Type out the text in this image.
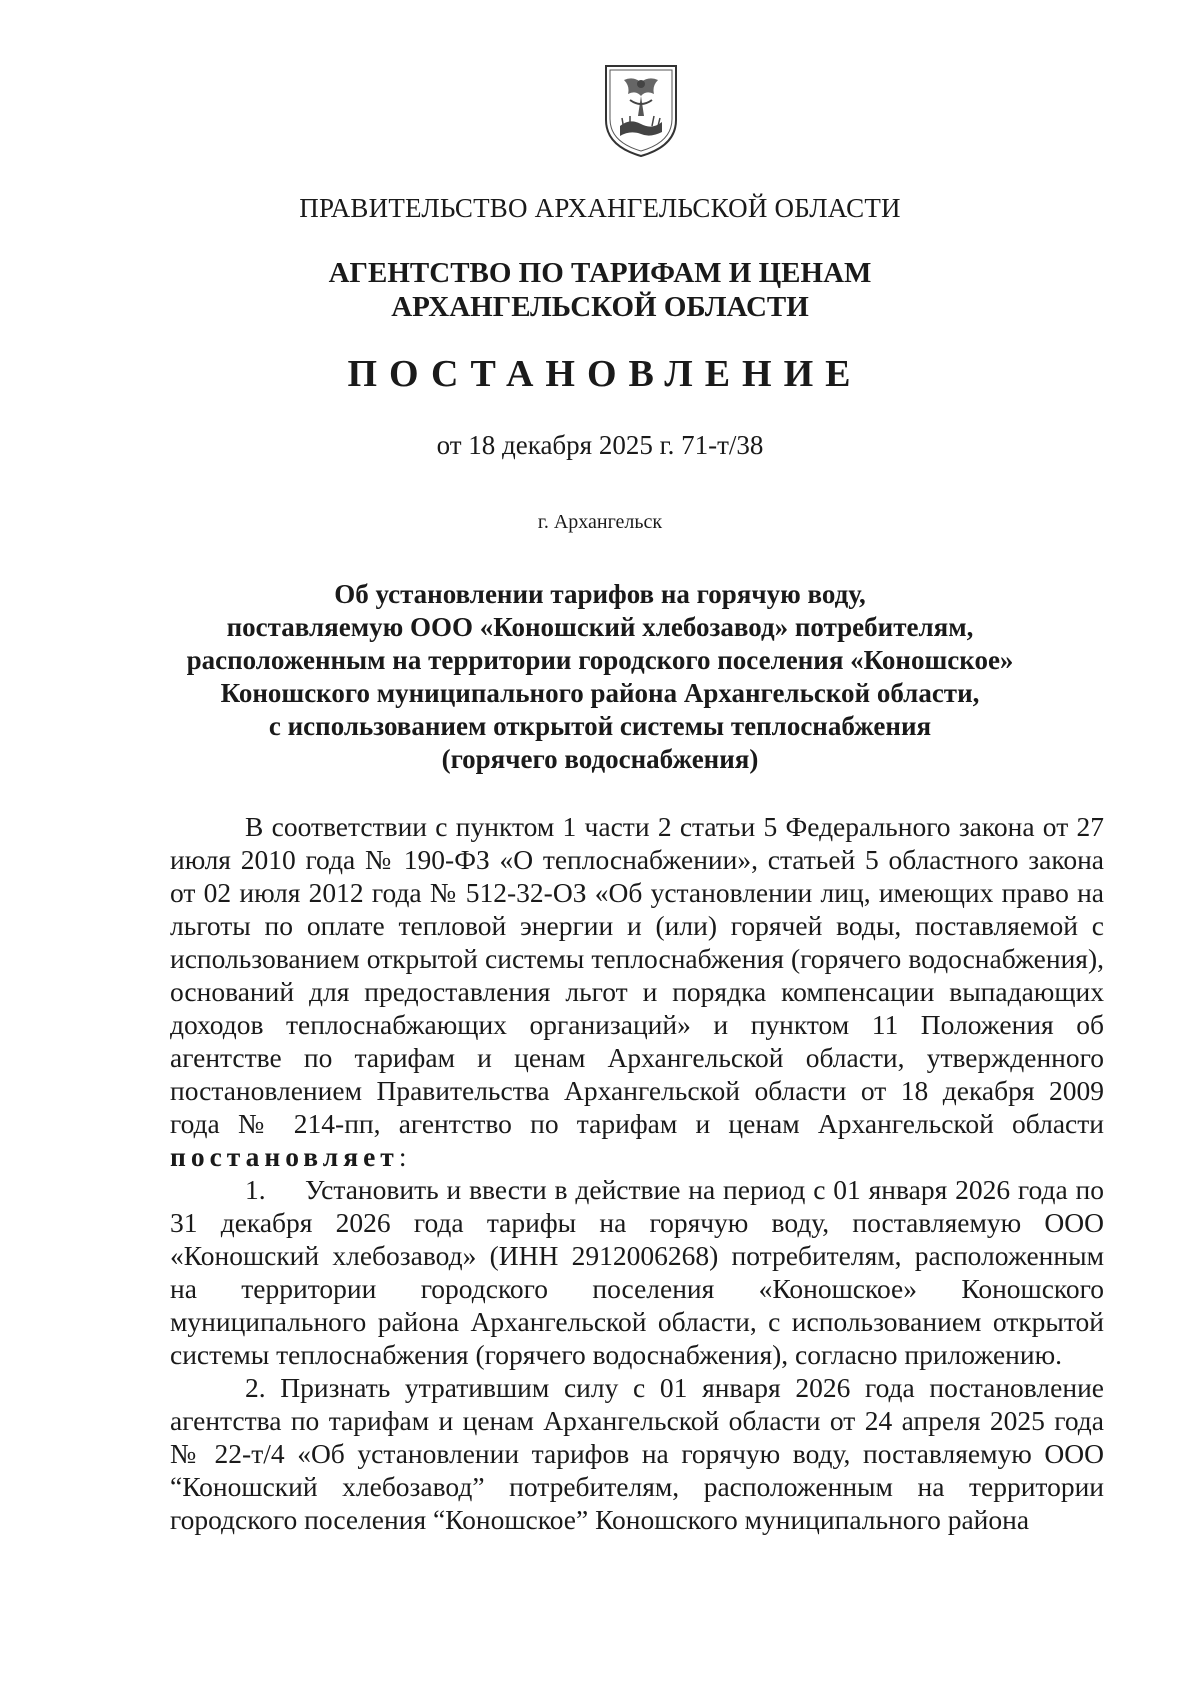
ПРАВИТЕЛЬСТВО АРХАНГЕЛЬСКОЙ ОБЛАСТИ
АГЕНТСТВО ПО ТАРИФАМ И ЦЕНАМ
АРХАНГЕЛЬСКОЙ ОБЛАСТИ
ПОСТАНОВЛЕНИЕ
от 18 декабря 2025 г. 71-т/38
г. Архангельск
Об установлении тарифов на горячую воду,
поставляемую ООО «Коношский хлебозавод» потребителям,
расположенным на территории городского поселения «Коношское»
Коношского муниципального района Архангельской области,
с использованием открытой системы теплоснабжения
(горячего водоснабжения)

В соответствии с пунктом 1 части 2 статьи 5 Федерального закона от 27 июля 2010 года № 190-ФЗ «О теплоснабжении», статьей 5 областного закона от 02 июля 2012 года № 512-32-ОЗ «Об установлении лиц, имеющих право на льготы по оплате тепловой энергии и (или) горячей воды, поставляемой с использованием открытой системы теплоснабжения (горячего водоснабжения), оснований для предоставления льгот и порядка компенсации выпадающих доходов теплоснабжающих организаций» и пунктом 11 Положения об агентстве по тарифам и ценам Архангельской области, утвержденного постановлением Правительства Архангельской области от 18 декабря 2009 года № 214-пп, агентство по тарифам и ценам Архангельской области постановляет:

1. Установить и ввести в действие на период с 01 января 2026 года по 31 декабря 2026 года тарифы на горячую воду, поставляемую ООО «Коношский хлебозавод» (ИНН 2912006268) потребителям, расположенным на территории городского поселения «Коношское» Коношского муниципального района Архангельской области, с использованием открытой системы теплоснабжения (горячего водоснабжения), согласно приложению.

2. Признать утратившим силу с 01 января 2026 года постановление агентства по тарифам и ценам Архангельской области от 24 апреля 2025 года № 22-т/4 «Об установлении тарифов на горячую воду, поставляемую ООО “Коношский хлебозавод” потребителям, расположенным на территории городского поселения “Коношское” Коношского муниципального района
